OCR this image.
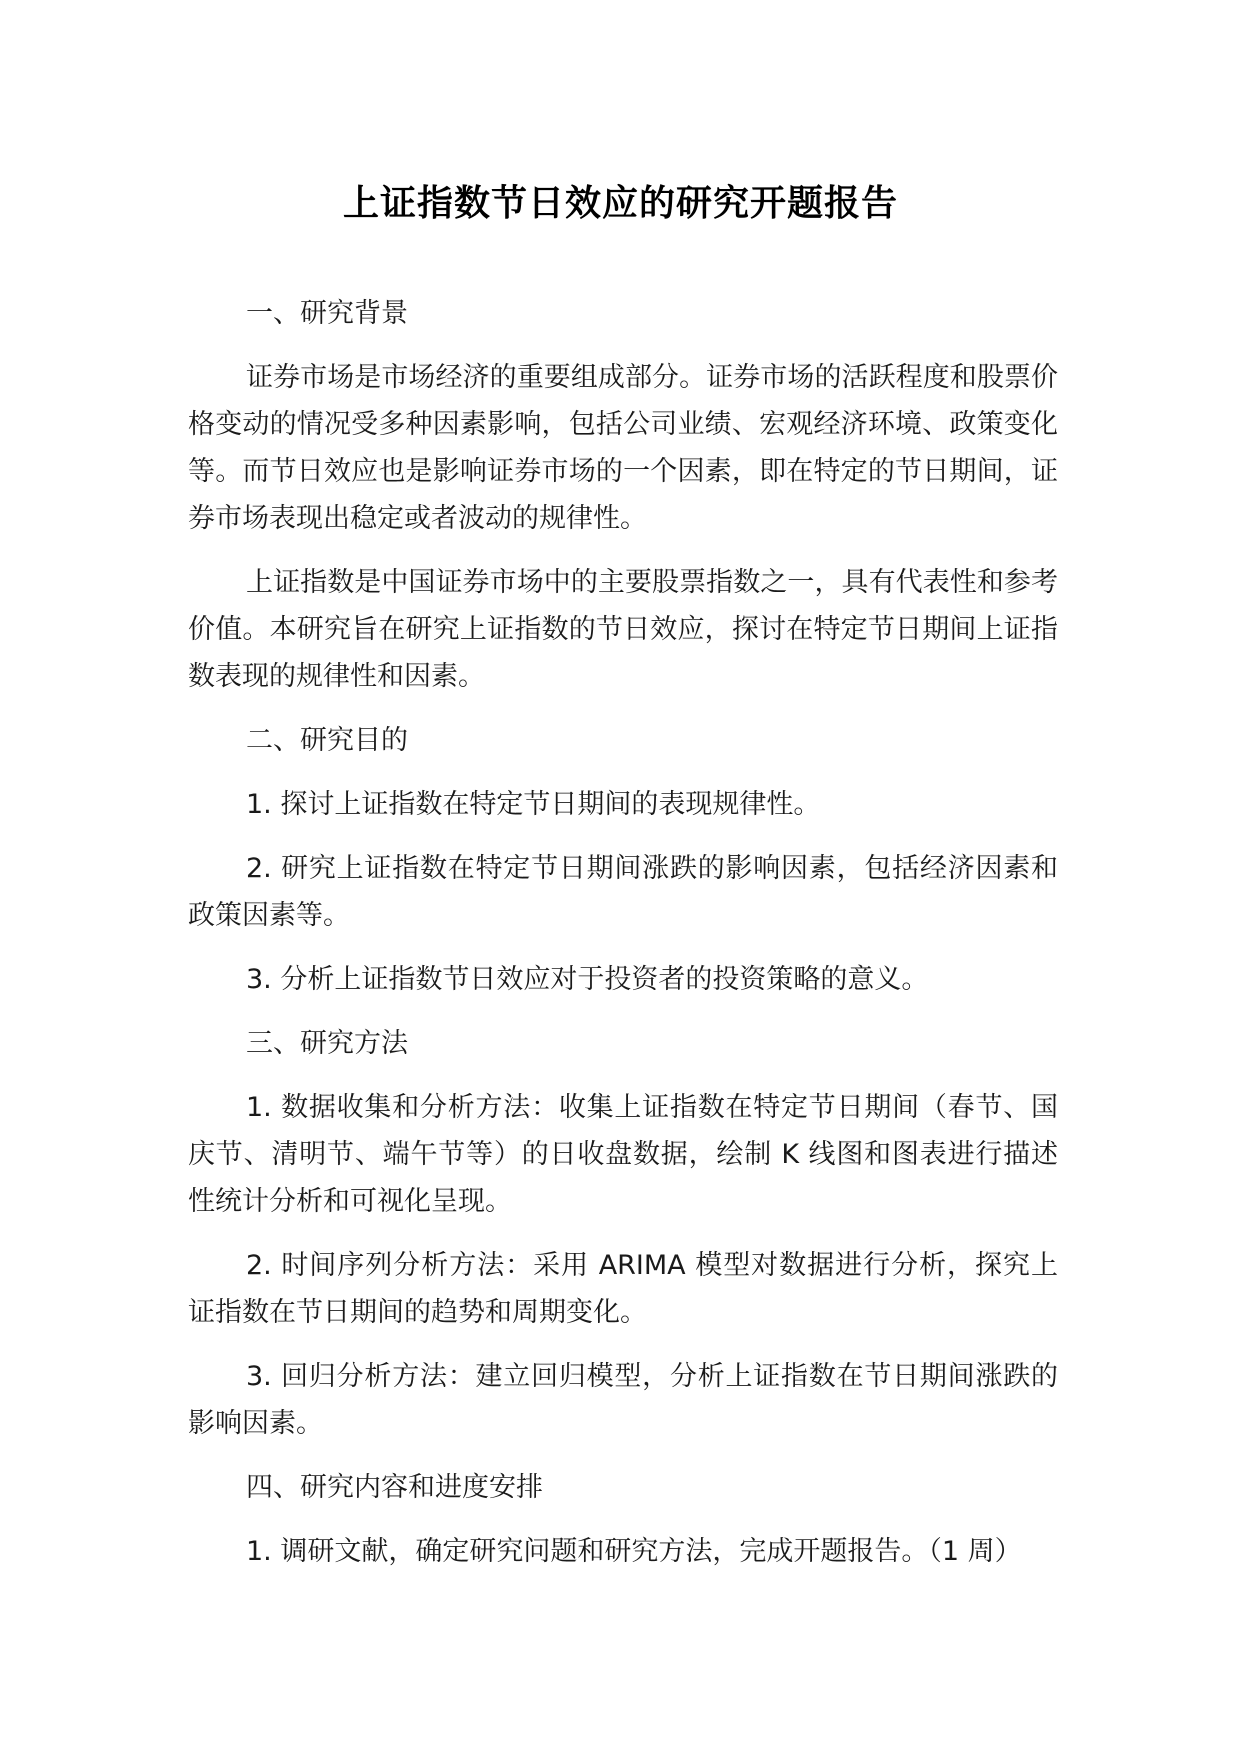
上证指数节日效应的研究开题报告

一、研究背景

证券市场是市场经济的重要组成部分。证券市场的活跃程度和股票价格变动的情况受多种因素影响，包括公司业绩、宏观经济环境、政策变化等。而节日效应也是影响证券市场的一个因素，即在特定的节日期间，证券市场表现出稳定或者波动的规律性。

上证指数是中国证券市场中的主要股票指数之一，具有代表性和参考价值。本研究旨在研究上证指数的节日效应，探讨在特定节日期间上证指数表现的规律性和因素。

二、研究目的

1. 探讨上证指数在特定节日期间的表现规律性。

2. 研究上证指数在特定节日期间涨跌的影响因素，包括经济因素和政策因素等。

3. 分析上证指数节日效应对于投资者的投资策略的意义。

三、研究方法

1. 数据收集和分析方法：收集上证指数在特定节日期间（春节、国庆节、清明节、端午节等）的日收盘数据，绘制 K 线图和图表进行描述性统计分析和可视化呈现。

2. 时间序列分析方法：采用 ARIMA 模型对数据进行分析，探究上证指数在节日期间的趋势和周期变化。

3. 回归分析方法：建立回归模型，分析上证指数在节日期间涨跌的影响因素。

四、研究内容和进度安排

1. 调研文献，确定研究问题和研究方法，完成开题报告。（1 周）
